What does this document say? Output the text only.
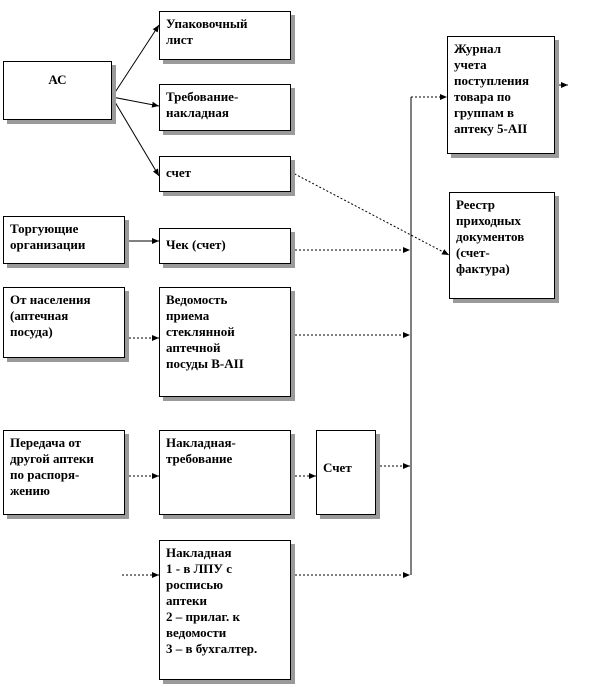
АС
Упаковочный
лист
Требование-
накладная
счет
Торгующие
организации	Чек (счет)
От населения
(аптечная
посуда)
Ведомость
приема
стеклянной
аптечной
посуды В-АII
Передача от
другой аптеки
по распоря-
жению
Накладная-
требование
Счет
Накладная
1 - в ЛПУ с
росписью
аптеки
2 – прилаг. к
ведомости
3 – в бухгалтер.
Журнал
учета
поступления
товара по
группам в
аптеку 5-АII
Реестр
приходных
документов
(счет-
фактура)
